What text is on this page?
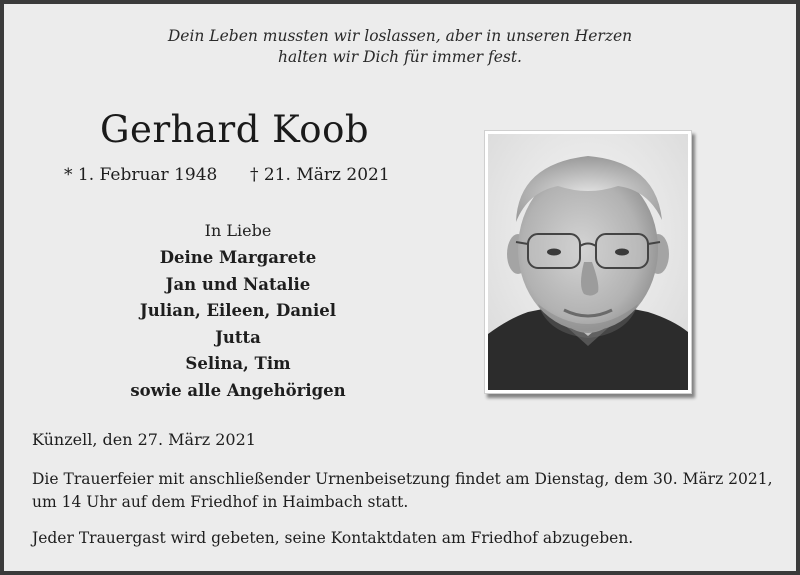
Dein Leben mussten wir loslassen, aber in unseren Herzen
halten wir Dich für immer fest.
Gerhard Koob
* 1. Februar 1948 † 21. März 2021
In Liebe
Deine Margarete
Jan und Natalie
Julian, Eileen, Daniel
Jutta
Selina, Tim
sowie alle Angehörigen
Künzell, den 27. März 2021
Die Trauerfeier mit anschließender Urnenbeisetzung findet am Dienstag, dem 30. März 2021,
um 14 Uhr auf dem Friedhof in Haimbach statt.
Jeder Trauergast wird gebeten, seine Kontaktdaten am Friedhof abzugeben.
